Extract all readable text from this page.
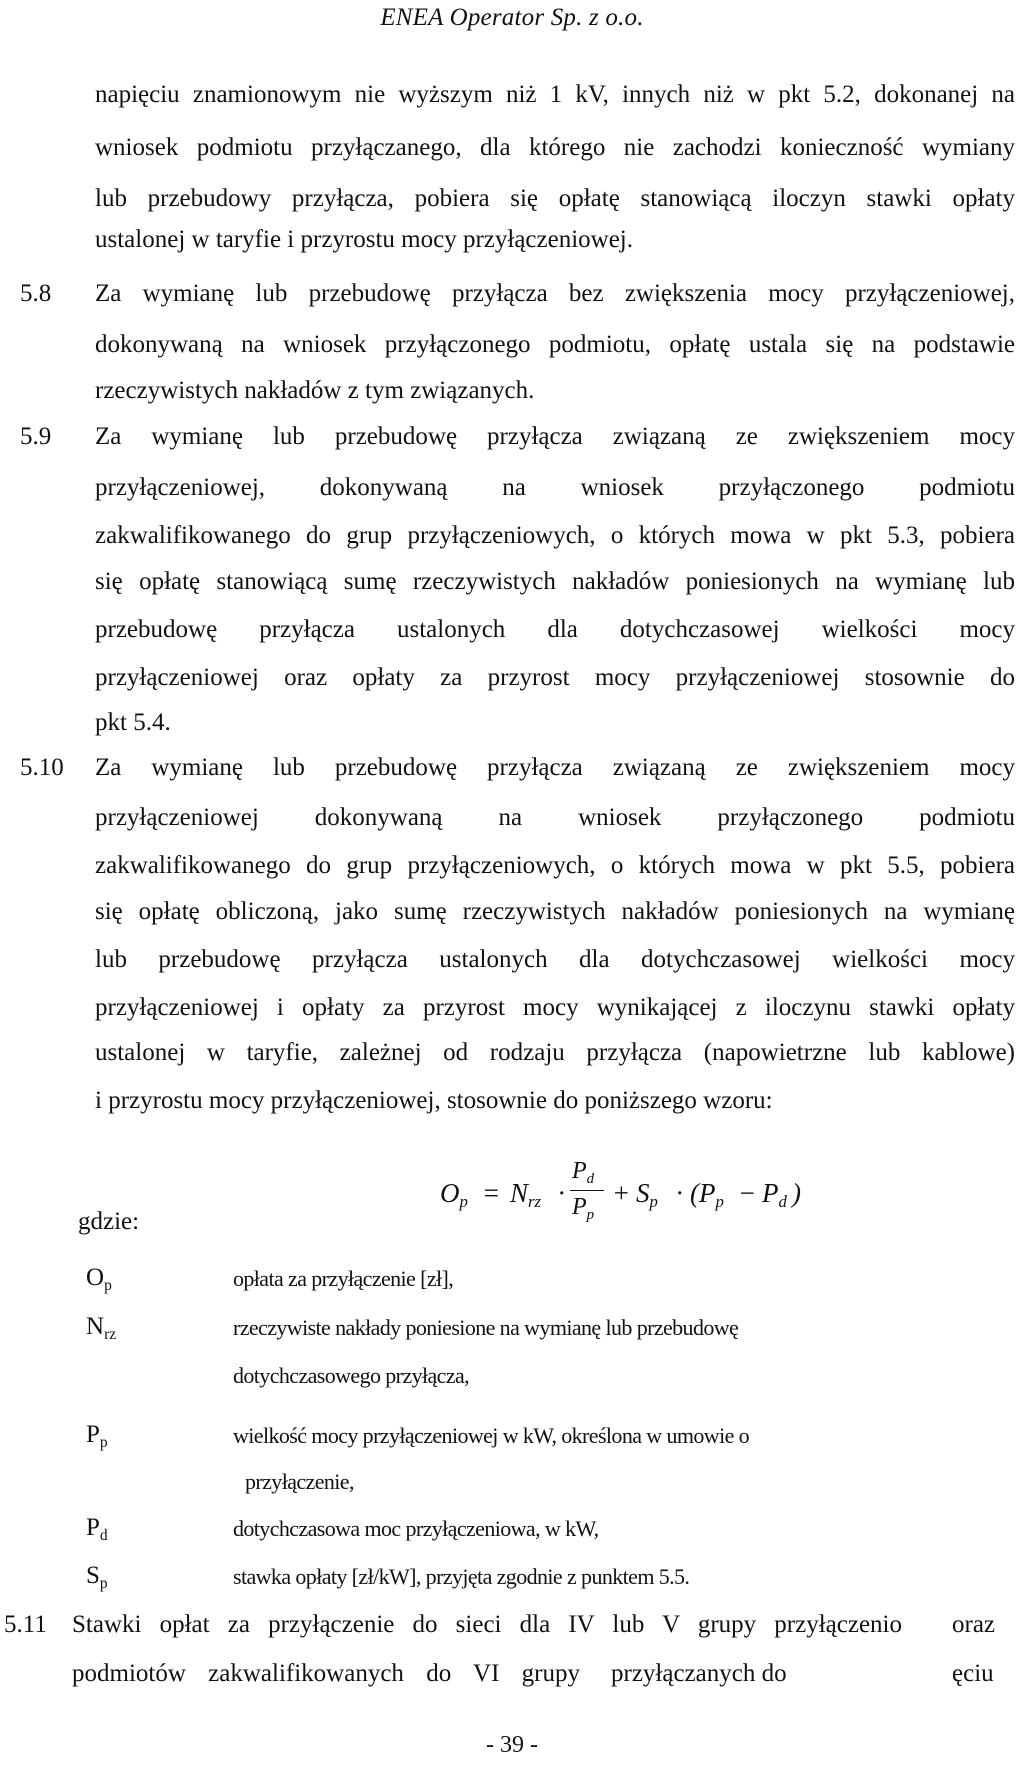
ENEA Operator Sp. z o.o.
napięciu znamionowym nie wyższym niż 1 kV, innych niż w pkt 5.2, dokonanej na
wniosek podmiotu przyłączanego, dla którego nie zachodzi konieczność wymiany
lub przebudowy przyłącza, pobiera się opłatę stanowiącą iloczyn stawki opłaty
ustalonej w taryfie i przyrostu mocy przyłączeniowej.
5.8 Za wymianę lub przebudowę przyłącza bez zwiększenia mocy przyłączeniowej,
dokonywaną na wniosek przyłączonego podmiotu, opłatę ustala się na podstawie
rzeczywistych nakładów z tym związanych.
5.9 Za wymianę lub przebudowę przyłącza związaną ze zwiększeniem mocy
przyłączeniowej, dokonywaną na wniosek przyłączonego podmiotu
zakwalifikowanego do grup przyłączeniowych, o których mowa w pkt 5.3, pobiera
się opłatę stanowiącą sumę rzeczywistych nakładów poniesionych na wymianę lub
przebudowę przyłącza ustalonych dla dotychczasowej wielkości mocy
przyłączeniowej oraz opłaty za przyrost mocy przyłączeniowej stosownie do
pkt 5.4.
5.10 Za wymianę lub przebudowę przyłącza związaną ze zwiększeniem mocy
przyłączeniowej dokonywaną na wniosek przyłączonego podmiotu
zakwalifikowanego do grup przyłączeniowych, o których mowa w pkt 5.5, pobiera
się opłatę obliczoną, jako sumę rzeczywistych nakładów poniesionych na wymianę
lub przebudowę przyłącza ustalonych dla dotychczasowej wielkości mocy
przyłączeniowej i opłaty za przyrost mocy wynikającej z iloczynu stawki opłaty
ustalonej w taryfie, zależnej od rodzaju przyłącza (napowietrzne lub kablowe)
i przyrostu mocy przyłączeniowej, stosownie do poniższego wzoru:
$O_p = N_{rz}$ ·
$P_d$
$P_p$
+ $S_p \cdot (P_p - P_d$ )
gdzie:
$O_p$	opłata za przyłączenie [zł],
$N_{rz}$	rzeczywiste nakłady poniesione na wymianę lub przebudowę
dotychczasowego przyłącza,
$P_p$	wielkość mocy przyłączeniowej w kW, określona w umowie o
przyłączenie,
$P_d$	dotychczasowa moc przyłączeniowa, w kW,
$S_p$	stawka opłaty [zł/kW], przyjęta zgodnie z punktem 5.5.
5.11 Stawki opłat za przyłączenie do sieci dla IV lub V grupy przyłączenio oraz
podmiotów zakwalifikowanych do VI grupy przyłączanych do	ęciu
- 39 -
